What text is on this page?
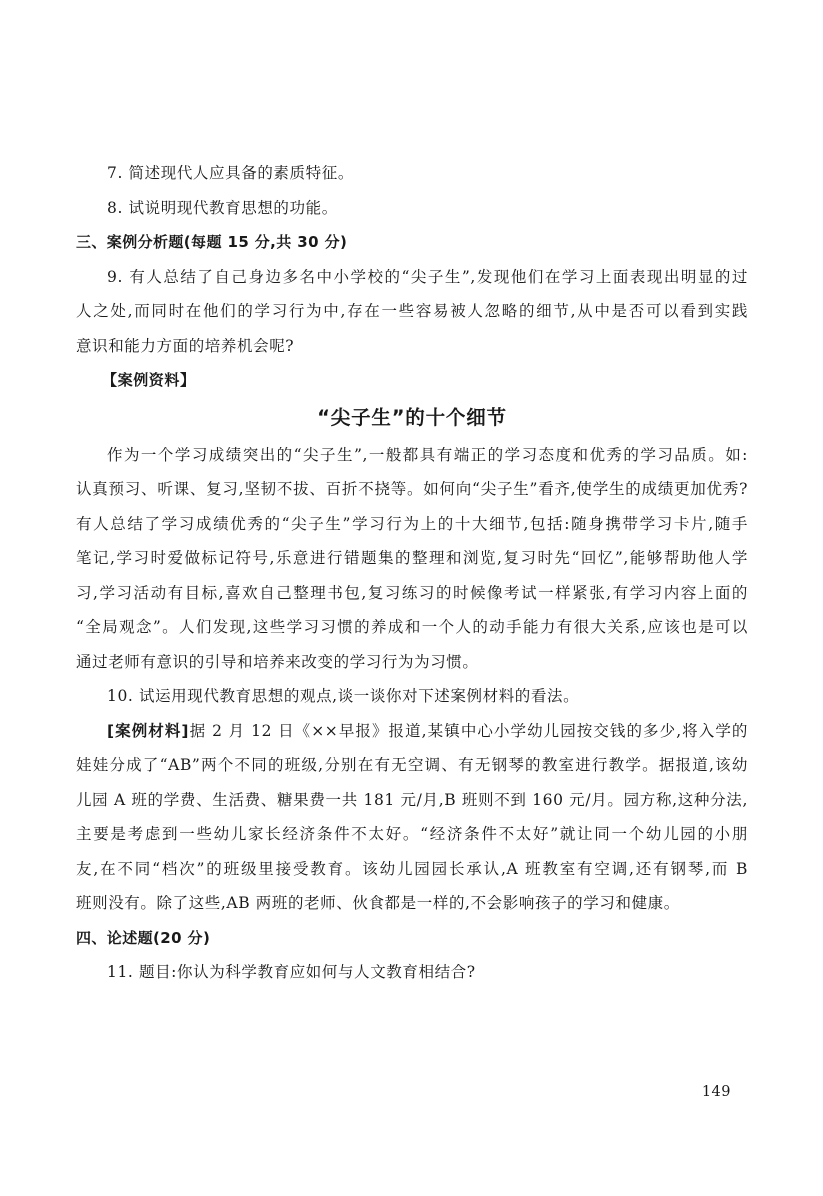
7. 简述现代人应具备的素质特征。

8. 试说明现代教育思想的功能。

三、案例分析题(每题 15 分,共 30 分)

9. 有人总结了自己身边多名中小学校的“尖子生”,发现他们在学习上面表现出明显的过

人之处,而同时在他们的学习行为中,存在一些容易被人忽略的细节,从中是否可以看到实践

意识和能力方面的培养机会呢?

【案例资料】

“尖子生”的十个细节

作为一个学习成绩突出的“尖子生”,一般都具有端正的学习态度和优秀的学习品质。如:

认真预习、听课、复习,坚韧不拔、百折不挠等。如何向“尖子生”看齐,使学生的成绩更加优秀?

有人总结了学习成绩优秀的“尖子生”学习行为上的十大细节,包括:随身携带学习卡片,随手

笔记,学习时爱做标记符号,乐意进行错题集的整理和浏览,复习时先“回忆”,能够帮助他人学

习,学习活动有目标,喜欢自己整理书包,复习练习的时候像考试一样紧张,有学习内容上面的

“全局观念”。人们发现,这些学习习惯的养成和一个人的动手能力有很大关系,应该也是可以

通过老师有意识的引导和培养来改变的学习行为为习惯。

10. 试运用现代教育思想的观点,谈一谈你对下述案例材料的看法。

[案例材料]据 2 月 12 日《××早报》报道,某镇中心小学幼儿园按交钱的多少,将入学的

娃娃分成了“AB”两个不同的班级,分别在有无空调、有无钢琴的教室进行教学。据报道,该幼

儿园 A 班的学费、生活费、糖果费一共 181 元/月,B 班则不到 160 元/月。园方称,这种分法,

主要是考虑到一些幼儿家长经济条件不太好。“经济条件不太好”就让同一个幼儿园的小朋

友,在不同“档次”的班级里接受教育。该幼儿园园长承认,A 班教室有空调,还有钢琴,而 B

班则没有。除了这些,AB 两班的老师、伙食都是一样的,不会影响孩子的学习和健康。

四、论述题(20 分)

11. 题目:你认为科学教育应如何与人文教育相结合?

149
